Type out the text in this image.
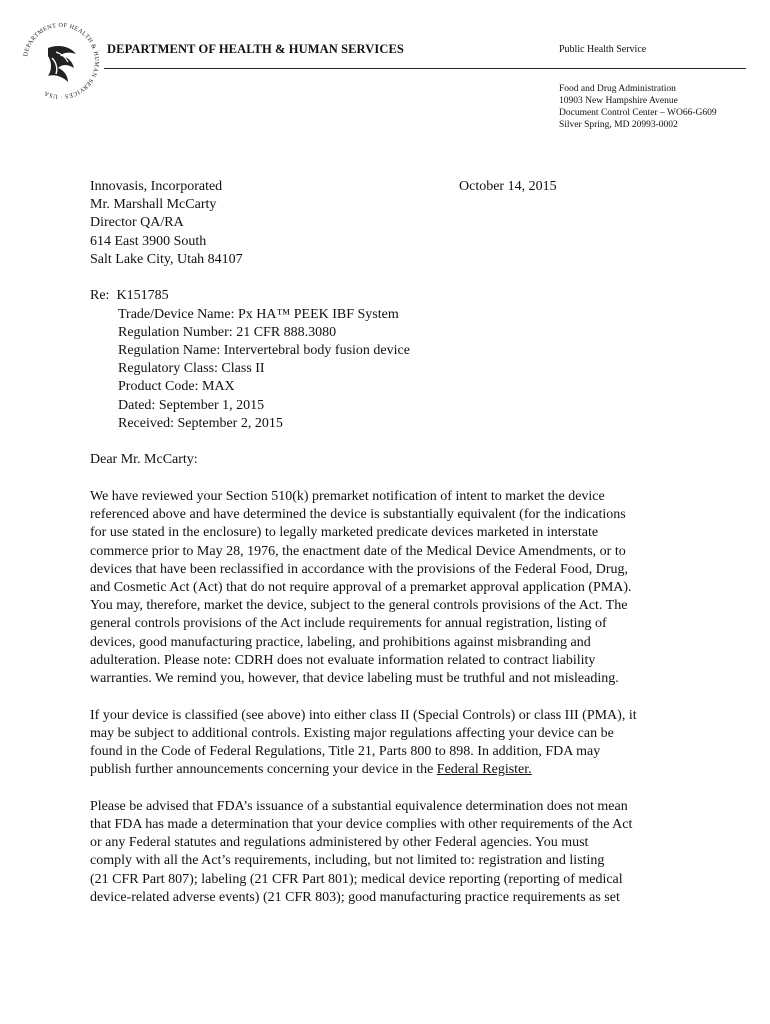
DEPARTMENT OF HEALTH & HUMAN SERVICES · USA
DEPARTMENT OF HEALTH & HUMAN SERVICES	Public Health Service
Food and Drug Administration
10903 New Hampshire Avenue
Document Control Center – WO66-G609
Silver Spring, MD 20993-0002
October 14, 2015
Innovasis, Incorporated
Mr. Marshall McCarty
Director QA/RA
614 East 3900 South
Salt Lake City, Utah 84107
Re: K151785
Trade/Device Name: Px HA™ PEEK IBF System
Regulation Number: 21 CFR 888.3080
Regulation Name: Intervertebral body fusion device
Regulatory Class: Class II
Product Code: MAX
Dated: September 1, 2015
Received: September 2, 2015
Dear Mr. McCarty:
We have reviewed your Section 510(k) premarket notification of intent to market the device
referenced above and have determined the device is substantially equivalent (for the indications
for use stated in the enclosure) to legally marketed predicate devices marketed in interstate
commerce prior to May 28, 1976, the enactment date of the Medical Device Amendments, or to
devices that have been reclassified in accordance with the provisions of the Federal Food, Drug,
and Cosmetic Act (Act) that do not require approval of a premarket approval application (PMA).
You may, therefore, market the device, subject to the general controls provisions of the Act. The
general controls provisions of the Act include requirements for annual registration, listing of
devices, good manufacturing practice, labeling, and prohibitions against misbranding and
adulteration. Please note: CDRH does not evaluate information related to contract liability
warranties. We remind you, however, that device labeling must be truthful and not misleading.
If your device is classified (see above) into either class II (Special Controls) or class III (PMA), it
may be subject to additional controls. Existing major regulations affecting your device can be
found in the Code of Federal Regulations, Title 21, Parts 800 to 898. In addition, FDA may
publish further announcements concerning your device in the Federal Register.
Please be advised that FDA’s issuance of a substantial equivalence determination does not mean
that FDA has made a determination that your device complies with other requirements of the Act
or any Federal statutes and regulations administered by other Federal agencies. You must
comply with all the Act’s requirements, including, but not limited to: registration and listing
(21 CFR Part 807); labeling (21 CFR Part 801); medical device reporting (reporting of medical
device-related adverse events) (21 CFR 803); good manufacturing practice requirements as set
